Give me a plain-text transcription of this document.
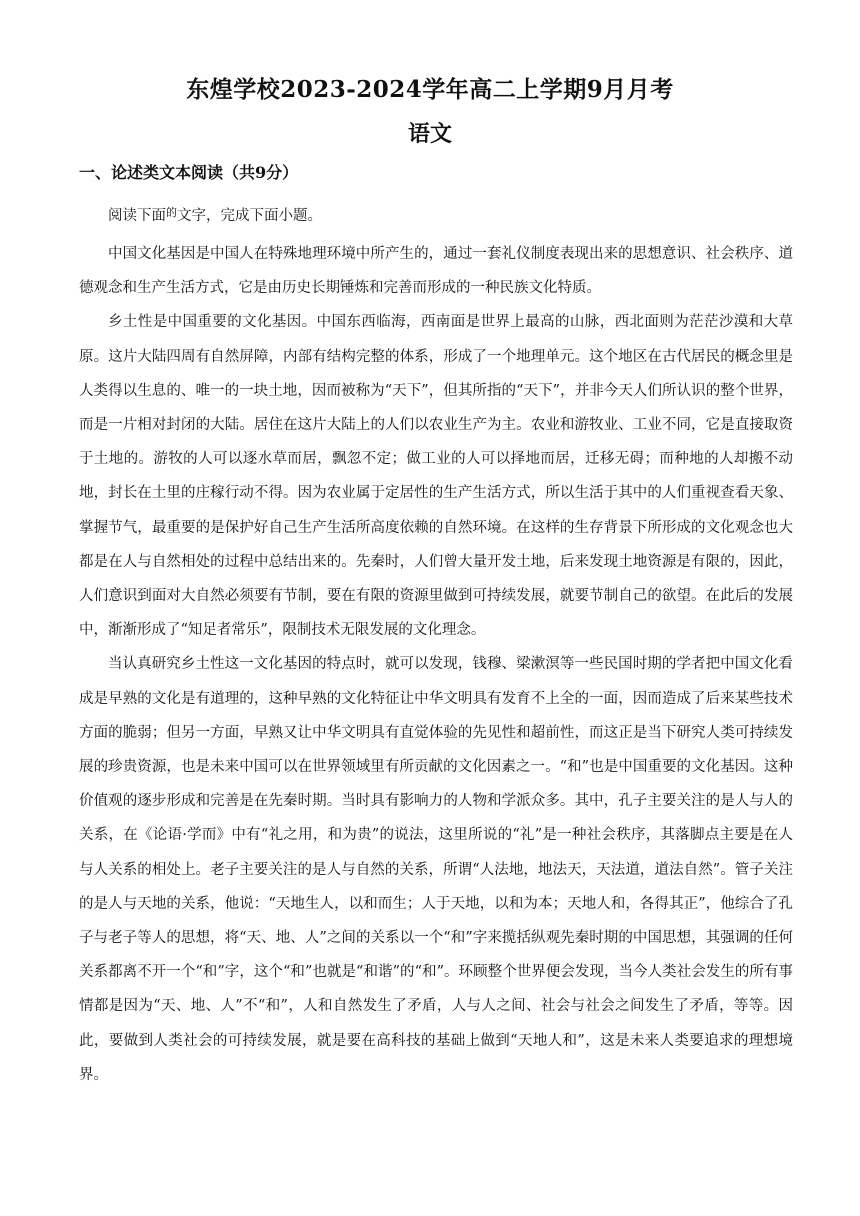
东煌学校2023-2024学年高二上学期9月月考
语文
一、论述类文本阅读（共9分）
阅读下面$^的$文字，完成下面小题。

中国文化基因是中国人在特殊地理环境中所产生的，通过一套礼仪制度表现出来的思想意识、社会秩序、道德观念和生产生活方式，它是由历史长期锤炼和完善而形成的一种民族文化特质。

乡土性是中国重要的文化基因。中国东西临海，西南面是世界上最高的山脉，西北面则为茫茫沙漠和大草原。这片大陆四周有自然屏障，内部有结构完整的体系，形成了一个地理单元。这个地区在古代居民的概念里是人类得以生息的、唯一的一块土地，因而被称为“天下”，但其所指的“天下”，并非今天人们所认识的整个世界，而是一片相对封闭的大陆。居住在这片大陆上的人们以农业生产为主。农业和游牧业、工业不同，它是直接取资于土地的。游牧的人可以逐水草而居，飘忽不定；做工业的人可以择地而居，迁移无碍；而种地的人却搬不动地，封长在土里的庄稼行动不得。因为农业属于定居性的生产生活方式，所以生活于其中的人们重视查看天象、掌握节气，最重要的是保护好自己生产生活所高度依赖的自然环境。在这样的生存背景下所形成的文化观念也大都是在人与自然相处的过程中总结出来的。先秦时，人们曾大量开发土地，后来发现土地资源是有限的，因此，人们意识到面对大自然必须要有节制，要在有限的资源里做到可持续发展，就要节制自己的欲望。在此后的发展中，渐渐形成了“知足者常乐”，限制技术无限发展的文化理念。

当认真研究乡土性这一文化基因的特点时，就可以发现，钱穆、梁漱溟等一些民国时期的学者把中国文化看成是早熟的文化是有道理的，这种早熟的文化特征让中华文明具有发育不上全的一面，因而造成了后来某些技术方面的脆弱；但另一方面，早熟又让中华文明具有直觉体验的先见性和超前性，而这正是当下研究人类可持续发展的珍贵资源，也是未来中国可以在世界领域里有所贡献的文化因素之一。“和”也是中国重要的文化基因。这种价值观的逐步形成和完善是在先秦时期。当时具有影响力的人物和学派众多。其中，孔子主要关注的是人与人的关系，在《论语·学而》中有“礼之用，和为贵”的说法，这里所说的“礼”是一种社会秩序，其落脚点主要是在人与人关系的相处上。老子主要关注的是人与自然的关系，所谓“人法地，地法天，天法道，道法自然”。管子关注的是人与天地的关系，他说：“天地生人，以和而生；人于天地，以和为本；天地人和，各得其正”，他综合了孔子与老子等人的思想，将“天、地、人”之间的关系以一个“和”字来揽括纵观先秦时期的中国思想，其强调的任何关系都离不开一个“和”字，这个“和”也就是“和谐”的“和”。环顾整个世界便会发现，当今人类社会发生的所有事情都是因为“天、地、人”不“和”，人和自然发生了矛盾，人与人之间、社会与社会之间发生了矛盾，等等。因此，要做到人类社会的可持续发展，就是要在高科技的基础上做到“天地人和”，这是未来人类要追求的理想境界。
